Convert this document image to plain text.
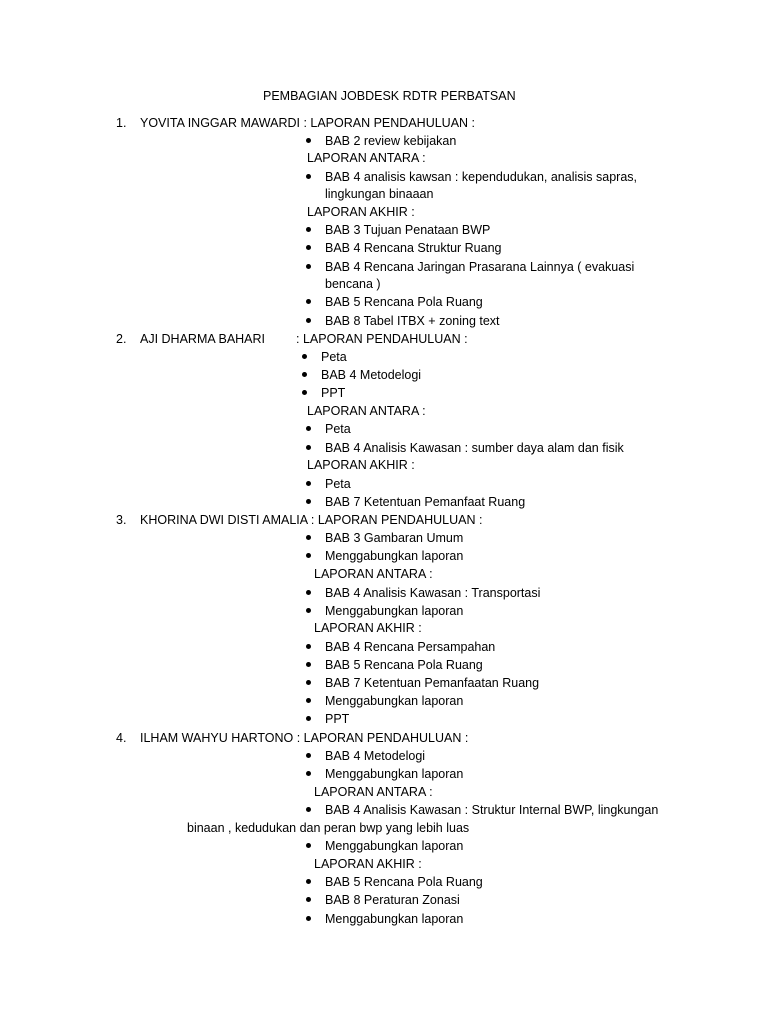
PEMBAGIAN JOBDESK RDTR PERBATSAN
1. YOVITA INGGAR MAWARDI : LAPORAN PENDAHULUAN :
BAB 2 review kebijakan
LAPORAN ANTARA :
BAB 4 analisis kawsan : kependudukan, analisis sapras,
lingkungan binaaan
LAPORAN AKHIR :
BAB 3 Tujuan Penataan BWP
BAB 4 Rencana Struktur Ruang
BAB 4 Rencana Jaringan Prasarana Lainnya ( evakuasi
bencana )
BAB 5 Rencana Pola Ruang
BAB 8 Tabel ITBX + zoning text
2. AJI DHARMA BAHARI : LAPORAN PENDAHULUAN :
Peta
BAB 4 Metodelogi
PPT
LAPORAN ANTARA :
Peta
BAB 4 Analisis Kawasan : sumber daya alam dan fisik
LAPORAN AKHIR :
Peta
BAB 7 Ketentuan Pemanfaat Ruang
3. KHORINA DWI DISTI AMALIA : LAPORAN PENDAHULUAN :
BAB 3 Gambaran Umum
Menggabungkan laporan
LAPORAN ANTARA :
BAB 4 Analisis Kawasan : Transportasi
Menggabungkan laporan
LAPORAN AKHIR :
BAB 4 Rencana Persampahan
BAB 5 Rencana Pola Ruang
BAB 7 Ketentuan Pemanfaatan Ruang
Menggabungkan laporan
PPT
4. ILHAM WAHYU HARTONO : LAPORAN PENDAHULUAN :
BAB 4 Metodelogi
Menggabungkan laporan
LAPORAN ANTARA :
BAB 4 Analisis Kawasan : Struktur Internal BWP, lingkungan
binaan , kedudukan dan peran bwp yang lebih luas
Menggabungkan laporan
LAPORAN AKHIR :
BAB 5 Rencana Pola Ruang
BAB 8 Peraturan Zonasi
Menggabungkan laporan
